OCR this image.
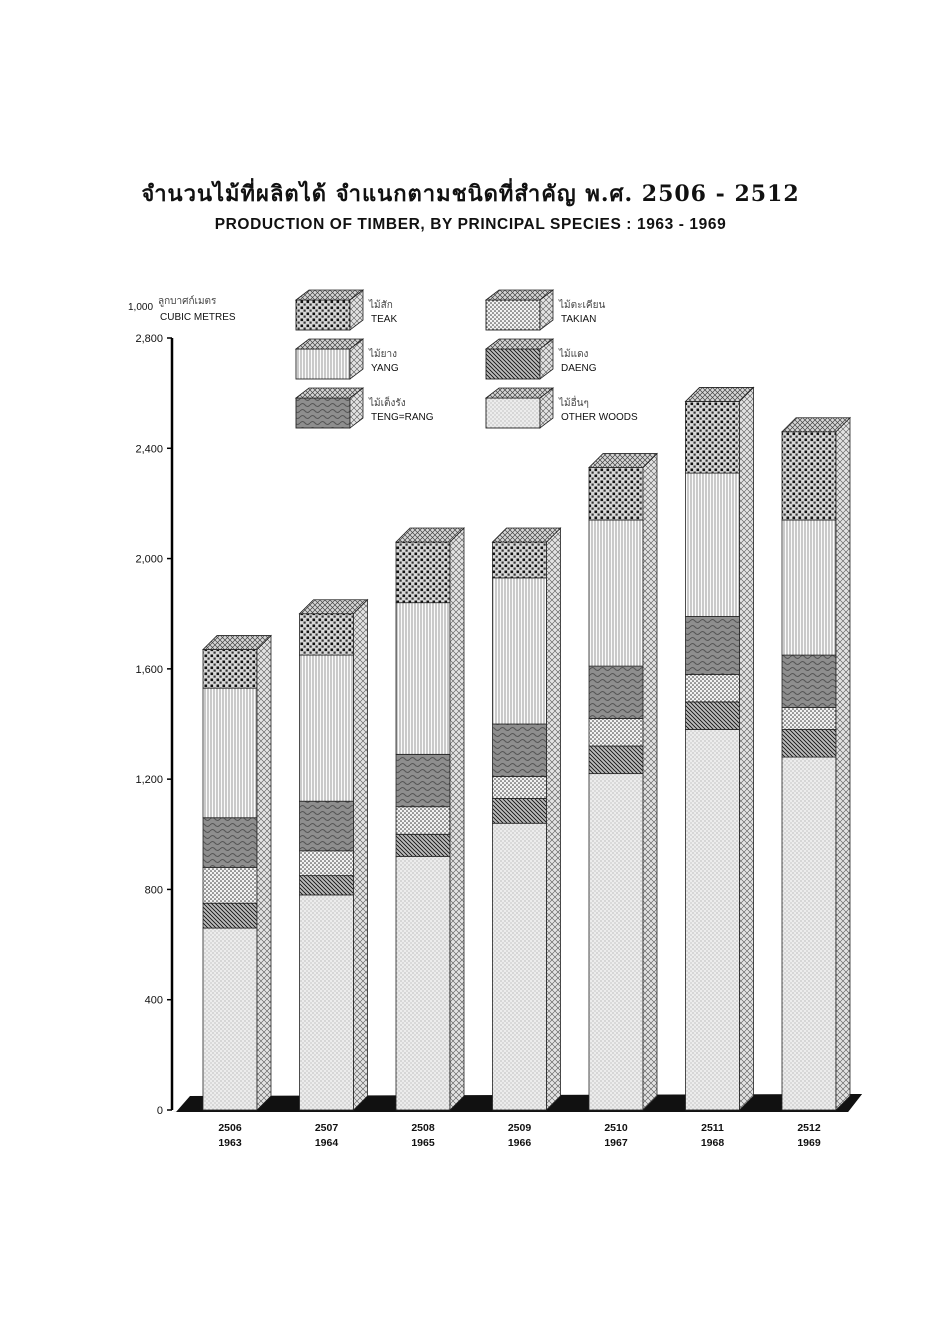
จำนวนไม้ที่ผลิตได้ จำแนกตามชนิดที่สำคัญ พ.ศ. 2506 - 2512
PRODUCTION OF TIMBER, BY PRINCIPAL SPECIES : 1963 - 1969
1,000
ลูกบาศก์เมตร
CUBIC METRES
0
400
800
1,200
1,600
2,000
2,400
2,800
2506
1963
2507
1964
2508
1965
2509
1966
2510
1967
2511
1968
2512
1969
ไม้สัก
TEAK
ไม้ตะเคียน
TAKIAN
ไม้ยาง
YANG
ไม้แดง
DAENG
ไม้เต็งรัง
TENG=RANG
ไม้อื่นๆ
OTHER WOODS
